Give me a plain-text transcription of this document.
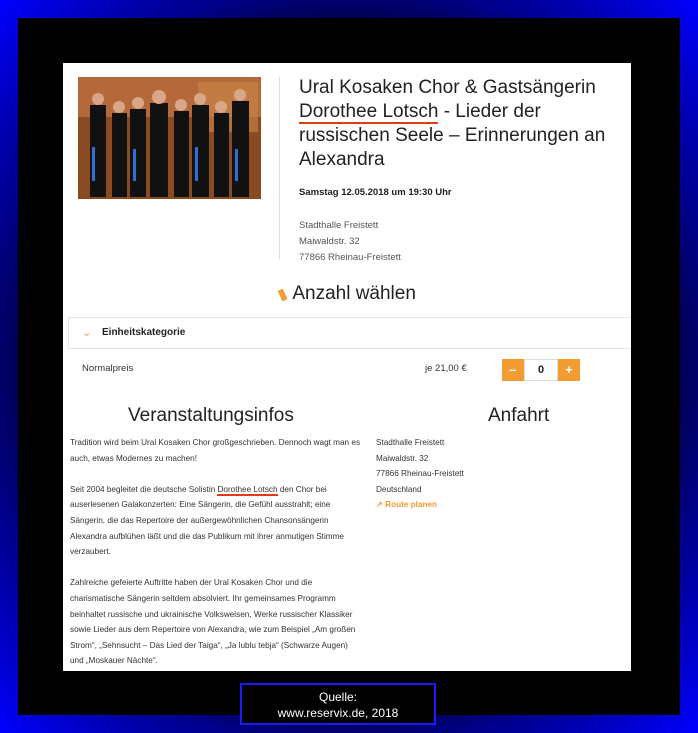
Ural Kosaken Chor & Gastsängerin Dorothee Lotsch - Lieder der russischen Seele – Erinnerungen an Alexandra
Samstag 12.05.2018 um 19:30 Uhr
Stadthalle Freistett
Maiwaldstr. 32
77866 Rheinau-Freistett
▮ Anzahl wählen
⌄ Einheitskategorie
Normalpreis	je 21,00 €	–	0	+
Veranstaltungsinfos	Anfahrt

Tradition wird beim Ural Kosaken Chor großgeschrieben. Dennoch wagt man es auch, etwas Modernes zu machen!

Seit 2004 begleitet die deutsche Solistin Dorothee Lotsch den Chor bei auserlesenen Galakonzerten: Eine Sängerin, die Gefühl ausstrahlt; eine Sängerin, die das Repertoire der außergewöhnlichen Chansonsängerin Alexandra aufblühen läßt und die das Publikum mit ihrer anmutigen Stimme verzaubert.

Zahlreiche gefeierte Auftritte haben der Ural Kosaken Chor und die charismatische Sängerin seitdem absolviert. Ihr gemeinsames Programm beinhaltet russische und ukrainische Volksweisen, Werke russischer Klassiker sowie Lieder aus dem Repertoire von Alexandra, wie zum Beispiel „Am großen Strom“, „Sehnsucht – Das Lied der Taiga“, „Ja lublu tebja“ (Schwarze Augen) und „Moskauer Nächte“.

Stadthalle Freistett
Maiwaldstr. 32
77866 Rheinau-Freistett
Deutschland
↗ Route planen
Quelle:
www.reservix.de, 2018
